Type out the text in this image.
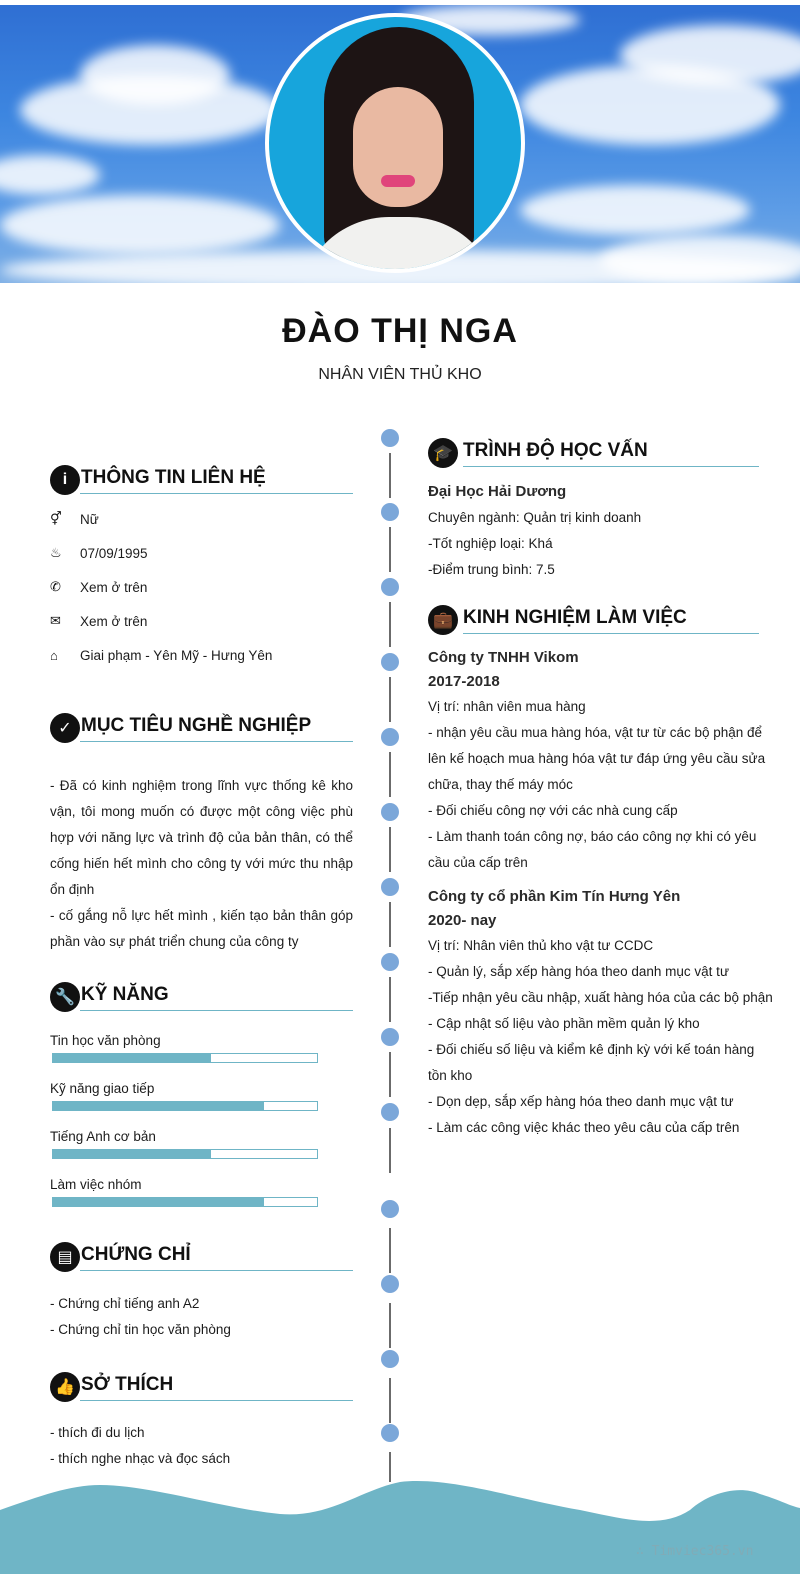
ĐÀO THỊ NGA
NHÂN VIÊN THỦ KHO
i THÔNG TIN LIÊN HỆ
⚥	Nữ
♨	07/09/1995
✆	Xem ở trên
✉	Xem ở trên
⌂	Giai phạm - Yên Mỹ - Hưng Yên
✓ MỤC TIÊU NGHỀ NGHIỆP
- Đã có kinh nghiệm trong lĩnh vực thống kê kho vận, tôi mong muốn có được một công việc phù hợp với năng lực và trình độ của bản thân, có thể cống hiến hết mình cho công ty với mức thu nhập ổn định
- cố gắng nỗ lực hết mình , kiến tạo bản thân góp phần vào sự phát triển chung của công ty
🔧 KỸ NĂNG
Tin học văn phòng
Kỹ năng giao tiếp
Tiếng Anh cơ bản
Làm việc nhóm
▤ CHỨNG CHỈ
- Chứng chỉ tiếng anh A2
- Chứng chỉ tin học văn phòng
👍 SỞ THÍCH
- thích đi du lịch
- thích nghe nhạc và đọc sách
🎓 TRÌNH ĐỘ HỌC VẤN
Đại Học Hải Dương
Chuyên ngành: Quản trị kinh doanh
-Tốt nghiệp loại: Khá
-Điểm trung bình: 7.5
💼 KINH NGHIỆM LÀM VIỆC
Công ty TNHH Vikom
2017-2018
Vị trí: nhân viên mua hàng
- nhận yêu cầu mua hàng hóa, vật tư từ các bộ phận để lên kế hoạch mua hàng hóa vật tư đáp ứng yêu cầu sửa chữa, thay thế máy móc
- Đối chiếu công nợ với các nhà cung cấp
- Làm thanh toán công nợ, báo cáo công nợ khi có yêu cầu của cấp trên
Công ty cổ phần Kim Tín Hưng Yên
2020- nay
Vị trí: Nhân viên thủ kho vật tư CCDC
- Quản lý, sắp xếp hàng hóa theo danh mục vật tư
-Tiếp nhận yêu cầu nhập, xuất hàng hóa của các bộ phận
- Cập nhật số liệu vào phần mềm quản lý kho
- Đối chiếu số liệu và kiểm kê định kỳ với kế toán hàng tồn kho
- Dọn dẹp, sắp xếp hàng hóa theo danh mục vật tư
- Làm các công việc khác theo yêu câu của cấp trên
∴ Timviec365.vn
